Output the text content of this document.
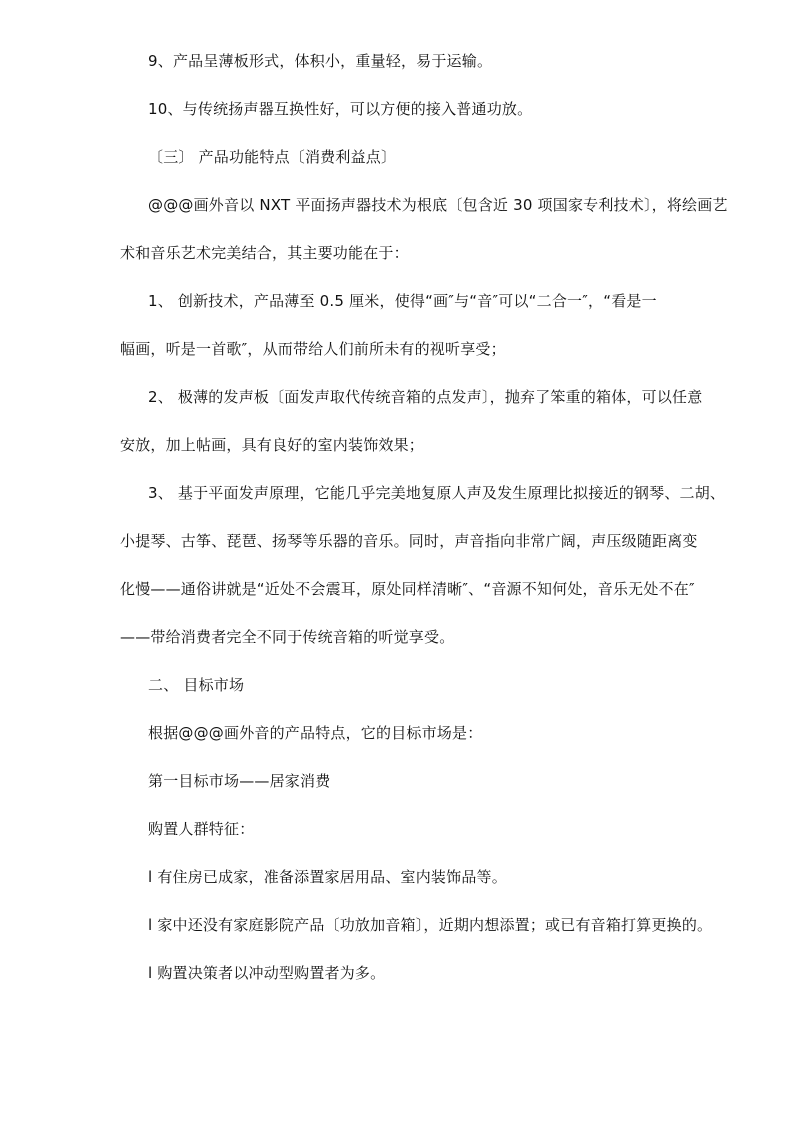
9、产品呈薄板形式，体积小，重量轻，易于运输。
10、与传统扬声器互换性好，可以方便的接入普通功放。
〔三〕 产品功能特点〔消费利益点〕
@@@画外音以 NXT 平面扬声器技术为根底〔包含近 30 项国家专利技术〕，将绘画艺
术和音乐艺术完美结合，其主要功能在于：
1、 创新技术，产品薄至 0.5 厘米，使得“画″与“音″可以“二合一″，“看是一
幅画，听是一首歌″，从而带给人们前所未有的视听享受；
2、 极薄的发声板〔面发声取代传统音箱的点发声〕，抛弃了笨重的箱体，可以任意
安放，加上帖画，具有良好的室内装饰效果；
3、 基于平面发声原理，它能几乎完美地复原人声及发生原理比拟接近的钢琴、二胡、
小提琴、古筝、琵琶、扬琴等乐器的音乐。同时，声音指向非常广阔，声压级随距离变
化慢——通俗讲就是“近处不会震耳，原处同样清晰″、“音源不知何处，音乐无处不在″
——带给消费者完全不同于传统音箱的听觉享受。
二、 目标市场
根据@@@画外音的产品特点，它的目标市场是：
第一目标市场——居家消费
购置人群特征：
l 有住房已成家，准备添置家居用品、室内装饰品等。
l 家中还没有家庭影院产品〔功放加音箱〕，近期内想添置；或已有音箱打算更换的。
l 购置决策者以冲动型购置者为多。
